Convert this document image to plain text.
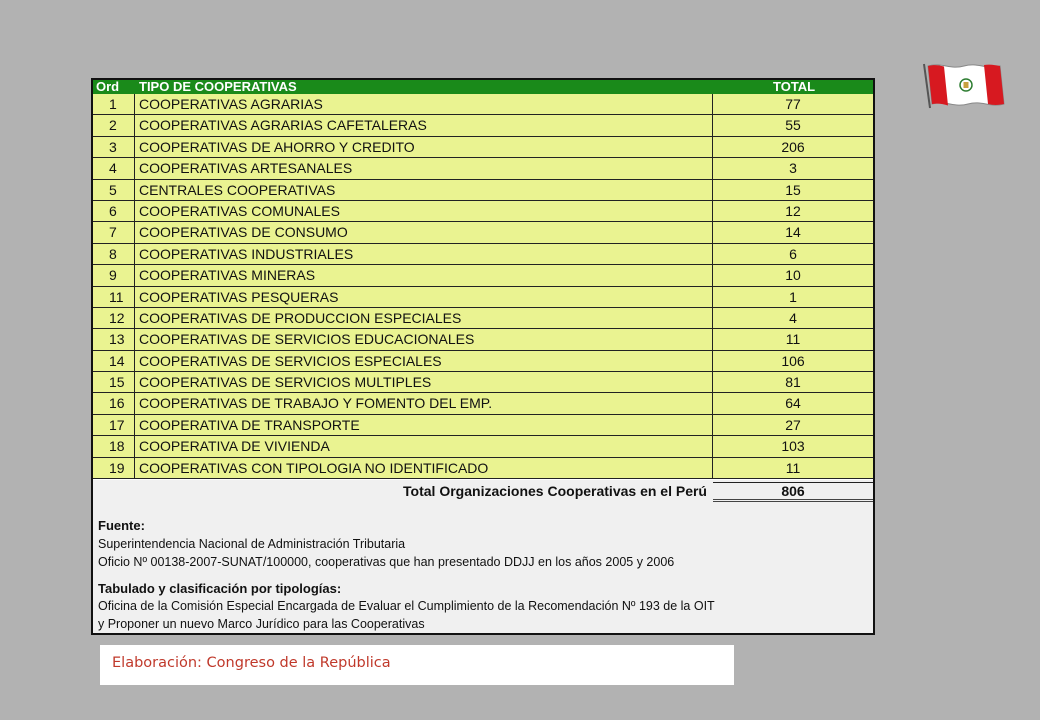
Ord TIPO DE COOPERATIVAS	TOTAL
1	COOPERATIVAS AGRARIAS	77
2	COOPERATIVAS AGRARIAS CAFETALERAS	55
3	COOPERATIVAS DE AHORRO Y CREDITO	206
4	COOPERATIVAS ARTESANALES	3
5	CENTRALES COOPERATIVAS	15
6	COOPERATIVAS COMUNALES	12
7	COOPERATIVAS DE CONSUMO	14
8	COOPERATIVAS INDUSTRIALES	6
9	COOPERATIVAS MINERAS	10
11	COOPERATIVAS PESQUERAS	1
12	COOPERATIVAS DE PRODUCCION ESPECIALES	4
13	COOPERATIVAS DE SERVICIOS EDUCACIONALES	11
14	COOPERATIVAS DE SERVICIOS ESPECIALES	106
15	COOPERATIVAS DE SERVICIOS MULTIPLES	81
16	COOPERATIVAS DE TRABAJO Y FOMENTO DEL EMP.	64
17	COOPERATIVA DE TRANSPORTE	27
18	COOPERATIVA DE VIVIENDA	103
19	COOPERATIVAS CON TIPOLOGIA NO IDENTIFICADO	11
Total Organizaciones Cooperativas en el Perú	806
Fuente:
Superintendencia Nacional de Administración Tributaria
Oficio Nº 00138-2007-SUNAT/100000, cooperativas que han presentado DDJJ en los años 2005 y 2006
Tabulado y clasificación por tipologías:
Oficina de la Comisión Especial Encargada de Evaluar el Cumplimiento de la Recomendación Nº 193 de la OIT
y Proponer un nuevo Marco Jurídico para las Cooperativas
Elaboración: Congreso de la República
